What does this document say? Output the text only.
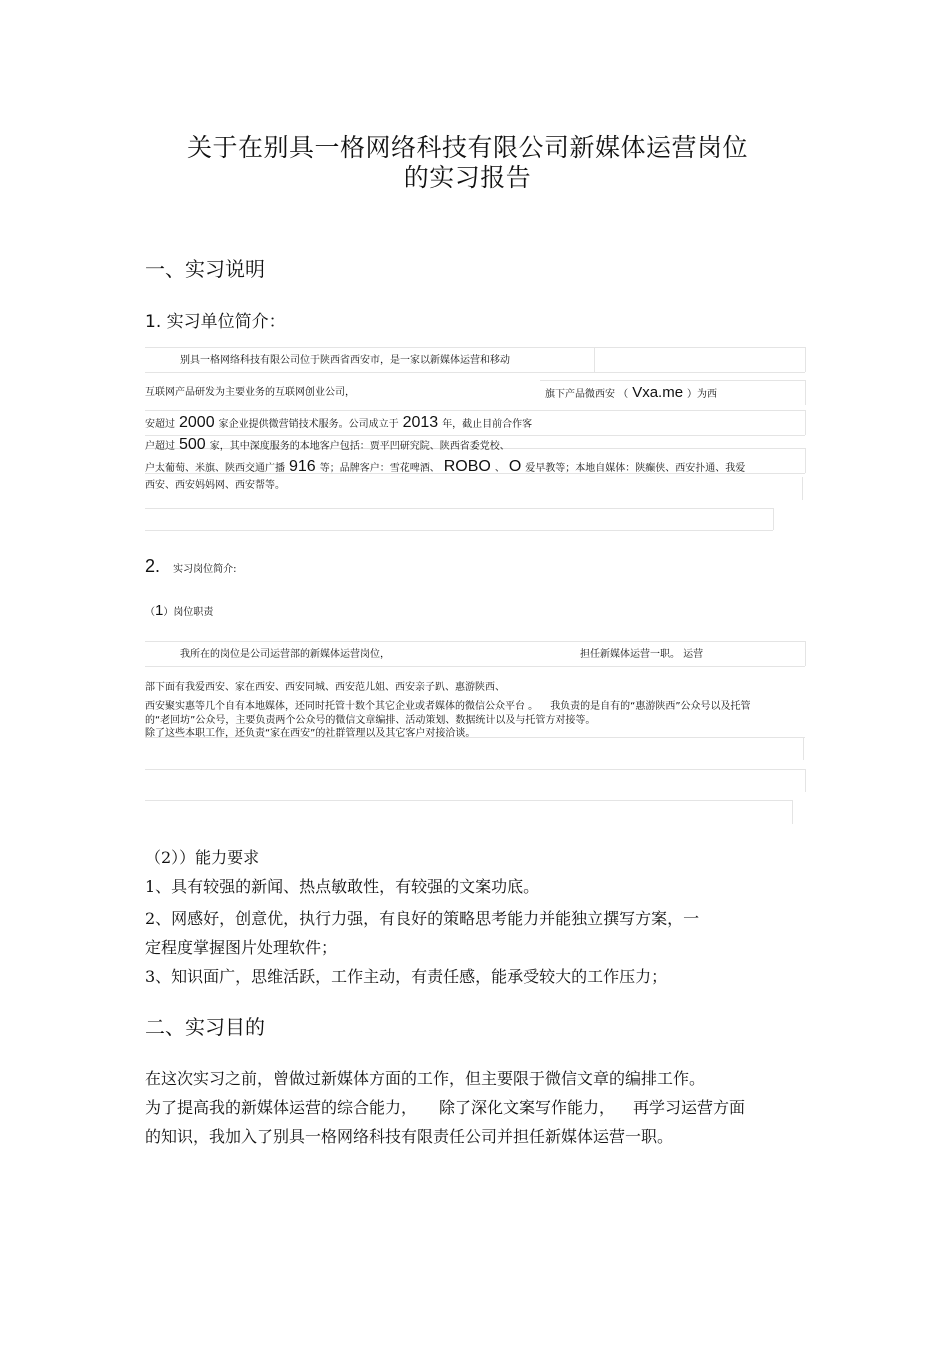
关于在别具一格网络科技有限公司新媒体运营岗位
的实习报告
一、实习说明
1. 实习单位简介：
别具一格网络科技有限公司位于陕西省西安市，是一家以新媒体运营和移动
互联网产品研发为主要业务的互联网创业公司，	旗下产品微西安 （ Vxa.me ）为西
安超过 2000 家企业提供微营销技术服务。公司成立于 2013 年，截止目前合作客
户超过 500 家，其中深度服务的本地客户包括：贾平凹研究院、陕西省委党校、
户太葡萄、米旗、陕西交通广播 916 等；品牌客户：雪花啤酒、 ROBO 、 O 爱早教等；本地自媒体：陕癫侠、西安扑通、我爱
西安、西安妈妈网、西安帮等。
2. 实习岗位简介:
（1）岗位职责
我所在的岗位是公司运营部的新媒体运营岗位，	担任新媒体运营一职。 运营
部下面有我爱西安、家在西安、西安同城、西安范儿姐、西安亲子趴、惠游陕西、
西安聚实惠等几个自有本地媒体，还同时托管十数个其它企业或者媒体的微信公众平台 。 我负责的是自有的“惠游陕西”公众号以及托管
的“老回坊”公众号，主要负责两个公众号的微信文章编排、活动策划、数据统计以及与托管方对接等。
除了这些本职工作，还负责“家在西安”的社群管理以及其它客户对接洽谈。
（2））能力要求
1、具有较强的新闻、热点敏敢性，有较强的文案功底。
2、网感好，创意优，执行力强，有良好的策略思考能力并能独立撰写方案，一
定程度掌握图片处理软件；
3、知识面广，思维活跃，工作主动，有责任感，能承受较大的工作压力；
二、实习目的
在这次实习之前，曾做过新媒体方面的工作，但主要限于微信文章的编排工作。
为了提高我的新媒体运营的综合能力， 除了深化文案写作能力， 再学习运营方面
的知识，我加入了别具一格网络科技有限责任公司并担任新媒体运营一职。
